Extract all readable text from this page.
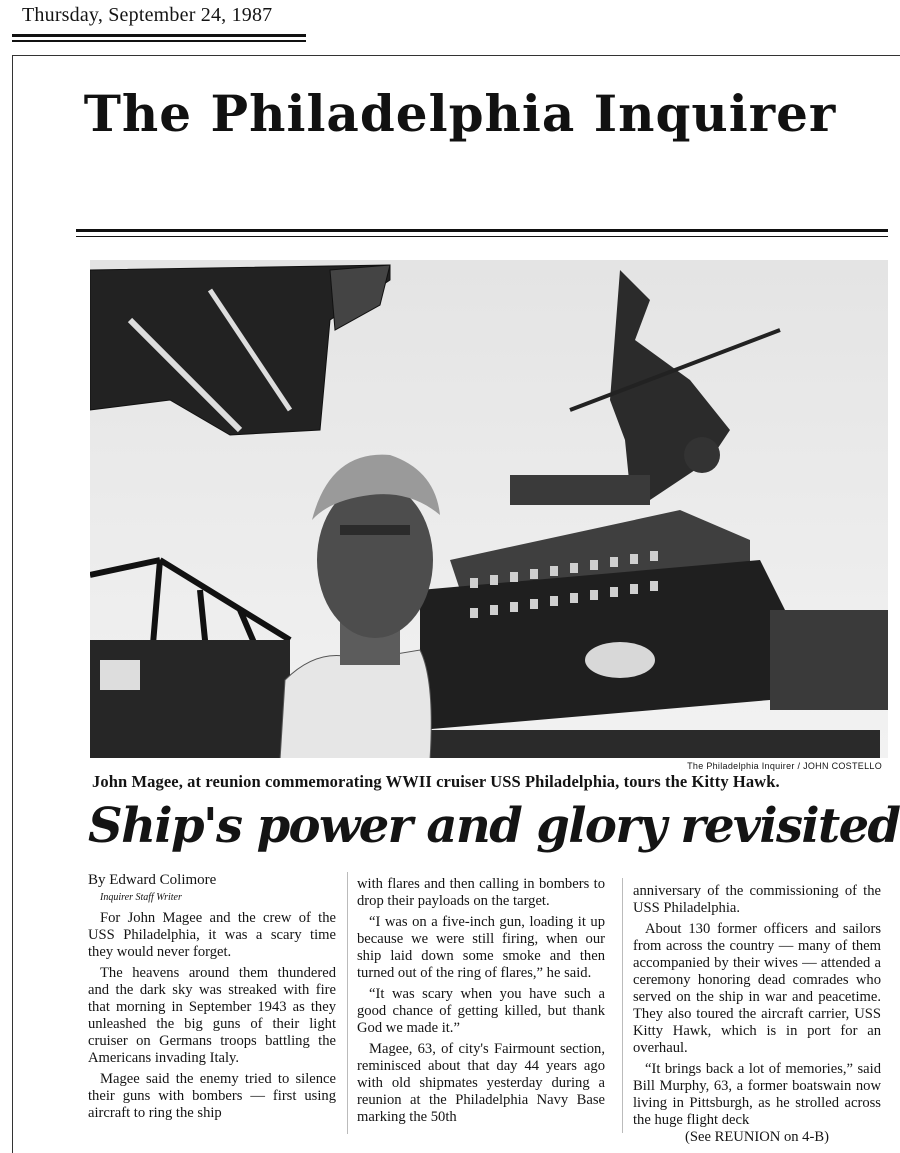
Thursday, September 24, 1987
The Philadelphia Inquirer
The Philadelphia Inquirer / JOHN COSTELLO
John Magee, at reunion commemorating WWII cruiser USS Philadelphia, tours the Kitty Hawk.
Ship's power and glory revisited

By Edward Colimore

Inquirer Staff Writer

For John Magee and the crew of the USS Philadelphia, it was a scary time they would never forget.

The heavens around them thundered and the dark sky was streaked with fire that morning in September 1943 as they unleashed the big guns of their light cruiser on Germans troops battling the Americans invading Italy.

Magee said the enemy tried to silence their guns with bombers — first using aircraft to ring the ship

with flares and then calling in bombers to drop their payloads on the target.

“I was on a five-inch gun, loading it up because we were still firing, when our ship laid down some smoke and then turned out of the ring of flares,” he said.

“It was scary when you have such a good chance of getting killed, but thank God we made it.”

Magee, 63, of city's Fairmount section, reminisced about that day 44 years ago with old shipmates yesterday during a reunion at the Philadelphia Navy Base marking the 50th

anniversary of the commissioning of the USS Philadelphia.

About 130 former officers and sailors from across the country — many of them accompanied by their wives — attended a ceremony honoring dead comrades who served on the ship in war and peacetime. They also toured the aircraft carrier, USS Kitty Hawk, which is in port for an overhaul.

“It brings back a lot of memories,” said Bill Murphy, 63, a former boatswain now living in Pittsburgh, as he strolled across the huge flight deck

(See REUNION on 4-B)
